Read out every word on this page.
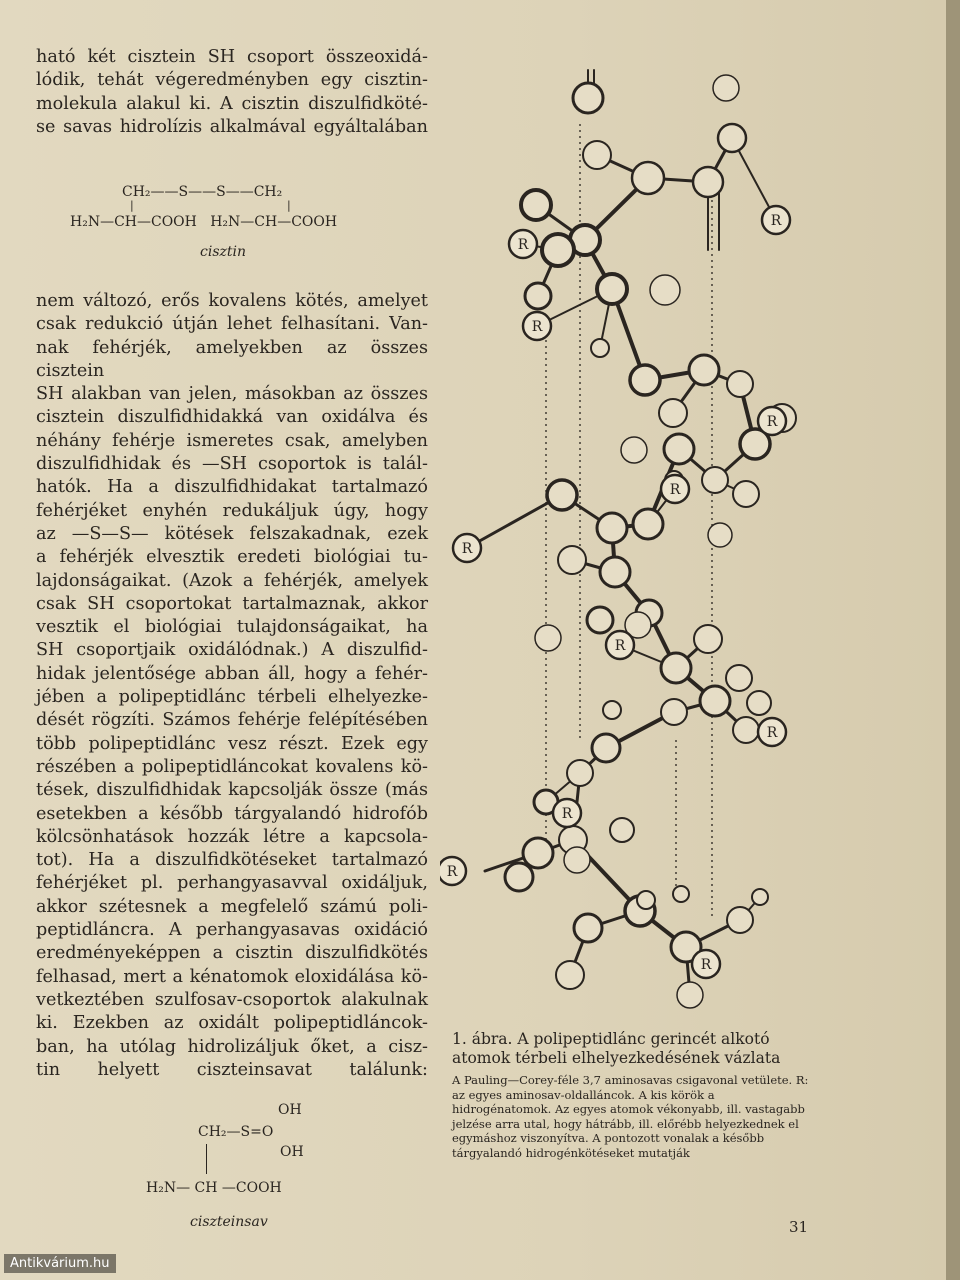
ható két cisztein SH csoport összeoxidá-

lódik, tehát végeredményben egy cisztin-

molekula alakul ki. A cisztin diszulfidköté-

se savas hidrolízis alkalmával egyáltalában

CH₂——S——S——CH₂
|	|
H₂N—CH—COOH   H₂N—CH—COOH
cisztin

nem változó, erős kovalens kötés, amelyet

csak redukció útján lehet felhasítani. Van-

nak fehérjék, amelyekben az összes cisztein

SH alakban van jelen, másokban az összes

cisztein diszulfidhidakká van oxidálva és

néhány fehérje ismeretes csak, amelyben

diszulfidhidak és —SH csoportok is talál-

hatók. Ha a diszulfidhidakat tartalmazó

fehérjéket enyhén redukáljuk úgy, hogy

az —S—S— kötések felszakadnak, ezek

a fehérjék elvesztik eredeti biológiai tu-

lajdonságaikat. (Azok a fehérjék, amelyek

csak SH csoportokat tartalmaznak, akkor

vesztik el biológiai tulajdonságaikat, ha

SH csoportjaik oxidálódnak.) A diszulfid-

hidak jelentősége abban áll, hogy a fehér-

jében a polipeptidlánc térbeli elhelyezke-

dését rögzíti. Számos fehérje felépítésében

több polipeptidlánc vesz részt. Ezek egy

részében a polipeptidláncokat kovalens kö-

tések, diszulfidhidak kapcsolják össze (más

esetekben a később tárgyalandó hidrofób

kölcsönhatások hozzák létre a kapcsola-

tot). Ha a diszulfidkötéseket tartalmazó

fehérjéket pl. perhangyasavval oxidáljuk,

akkor szétesnek a megfelelő számú poli-

peptidláncra. A perhangyasavas oxidáció

eredményeképpen a cisztin diszulfidkötés

felhasad, mert a kénatomok eloxidálása kö-

vetkeztében szulfosav-csoportok alakulnak

ki. Ezekben az oxidált polipeptidláncok-

ban, ha utólag hidrolizáljuk őket, a cisz-

tin helyett ciszteinsavat találunk:

OH
CH₂—S=O
OH
H₂N— CH —COOH
ciszteinsav
R
R
R
R
R
R
R
R
R
R
R

1. ábra. A polipeptidlánc gerincét alkotó atomok térbeli elhelyezkedésének vázlata

A Pauling—Corey-féle 3,7 aminosavas csigavonal vetülete. R: az egyes aminosav-oldalláncok. A kis körök a hidrogénatomok. Az egyes atomok vékonyabb, ill. vastagabb jelzése arra utal, hogy hátrább, ill. előrébb helyezkednek el egymáshoz viszonyítva. A pontozott vonalak a később tárgyalandó hidrogénkötéseket mutatják

31
Antikvárium.hu
